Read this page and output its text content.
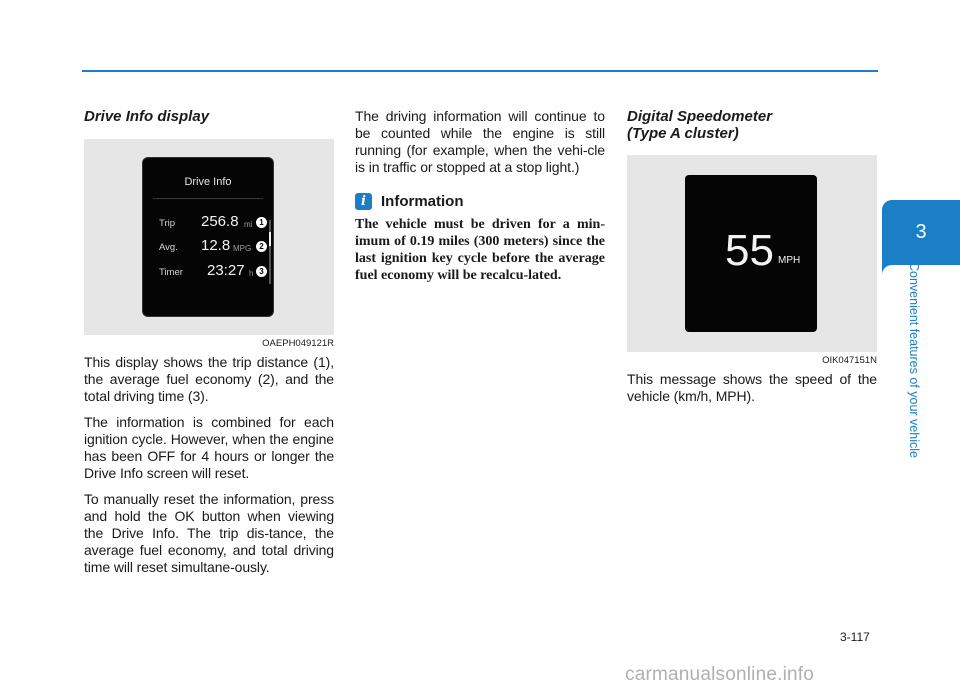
Drive Info display
Drive Info
Trip 256.8 mi 1
Avg. 12.8 MPG	2
Timer 23:27 h 3
OAEPH049121R

This display shows the trip distance (1), the average fuel economy (2), and the total driving time (3).

The information is combined for each ignition cycle. However, when the engine has been OFF for 4 hours or longer the Drive Info screen will reset.

To manually reset the information, press and hold the OK button when viewing the Drive Info. The trip dis-tance, the average fuel economy, and total driving time will reset simultane-ously.

The driving information will continue to be counted while the engine is still running (for example, when the vehi-cle is in traffic or stopped at a stop light.)

i	Information

The vehicle must be driven for a min-imum of 0.19 miles (300 meters) since the last ignition key cycle before the average fuel economy will be recalcu-lated.

Digital Speedometer
(Type A cluster)
55 MPH
OIK047151N

This message shows the speed of the vehicle (km/h, MPH).

3
Convenient features of your vehicle
3-117
carmanualsonline.info
